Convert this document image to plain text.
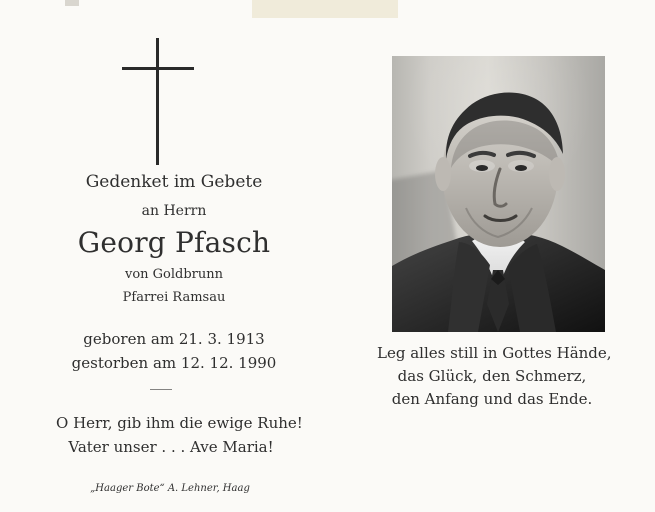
Gedenket im Gebete
an Herrn
Georg Pfasch
von Goldbrunn
Pfarrei Ramsau
geboren am 21. 3. 1913
gestorben am 12. 12. 1990
O Herr, gib ihm die ewige Ruhe!
Vater unser . . . Ave Maria!
„Haager Bote“ A. Lehner, Haag
Leg alles still in Gottes Hände,
das Glück, den Schmerz,
den Anfang und das Ende.
